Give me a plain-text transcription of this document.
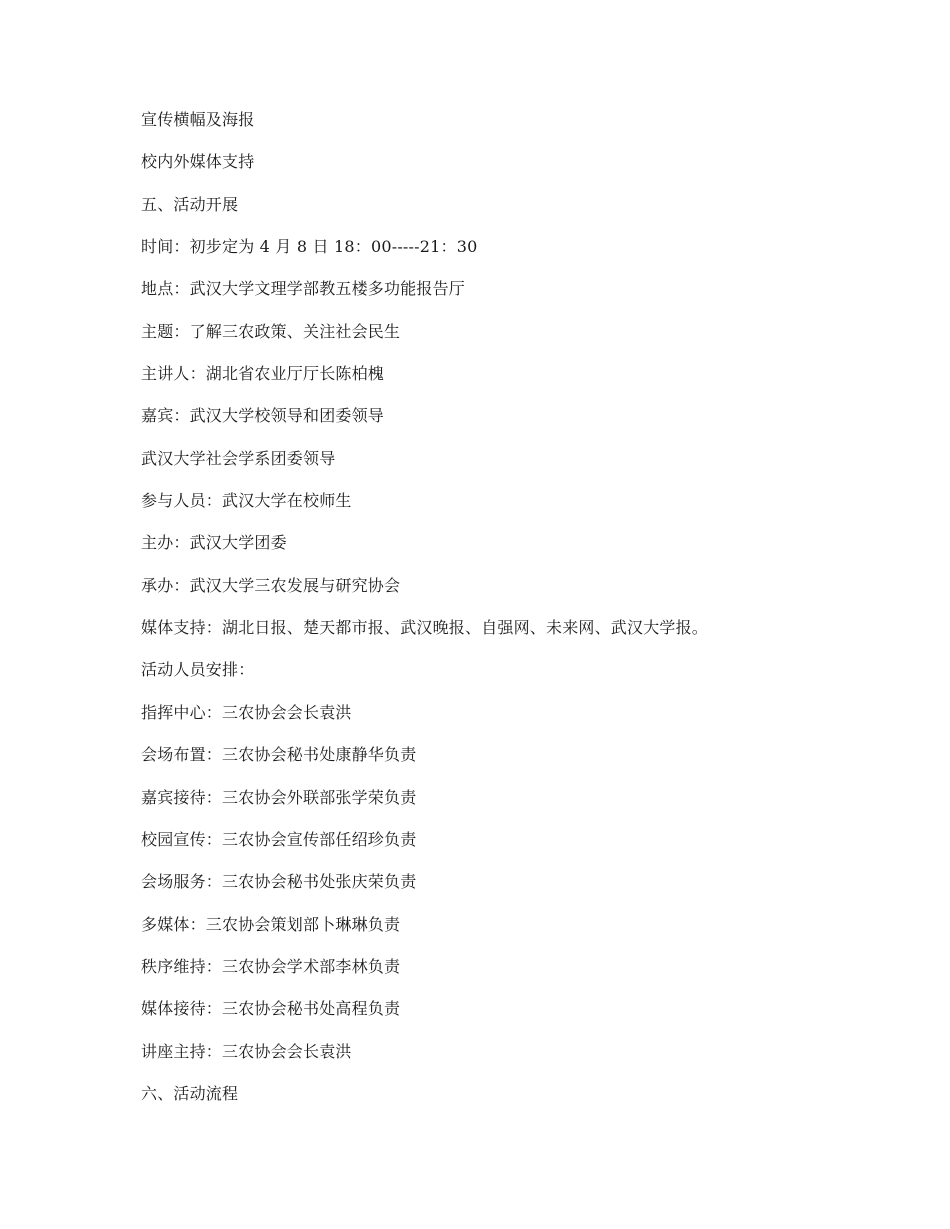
宣传横幅及海报
校内外媒体支持
五、活动开展
时间：初步定为 4 月 8 日 18：00-----21：30
地点：武汉大学文理学部教五楼多功能报告厅
主题：了解三农政策、关注社会民生
主讲人：湖北省农业厅厅长陈柏槐
嘉宾：武汉大学校领导和团委领导
武汉大学社会学系团委领导
参与人员：武汉大学在校师生
主办：武汉大学团委
承办：武汉大学三农发展与研究协会
媒体支持：湖北日报、楚天都市报、武汉晚报、自强网、未来网、武汉大学报。
活动人员安排：
指挥中心：三农协会会长袁洪
会场布置：三农协会秘书处康静华负责
嘉宾接待：三农协会外联部张学荣负责
校园宣传：三农协会宣传部任绍珍负责
会场服务：三农协会秘书处张庆荣负责
多媒体：三农协会策划部卜琳琳负责
秩序维持：三农协会学术部李林负责
媒体接待：三农协会秘书处高程负责
讲座主持：三农协会会长袁洪
六、活动流程
